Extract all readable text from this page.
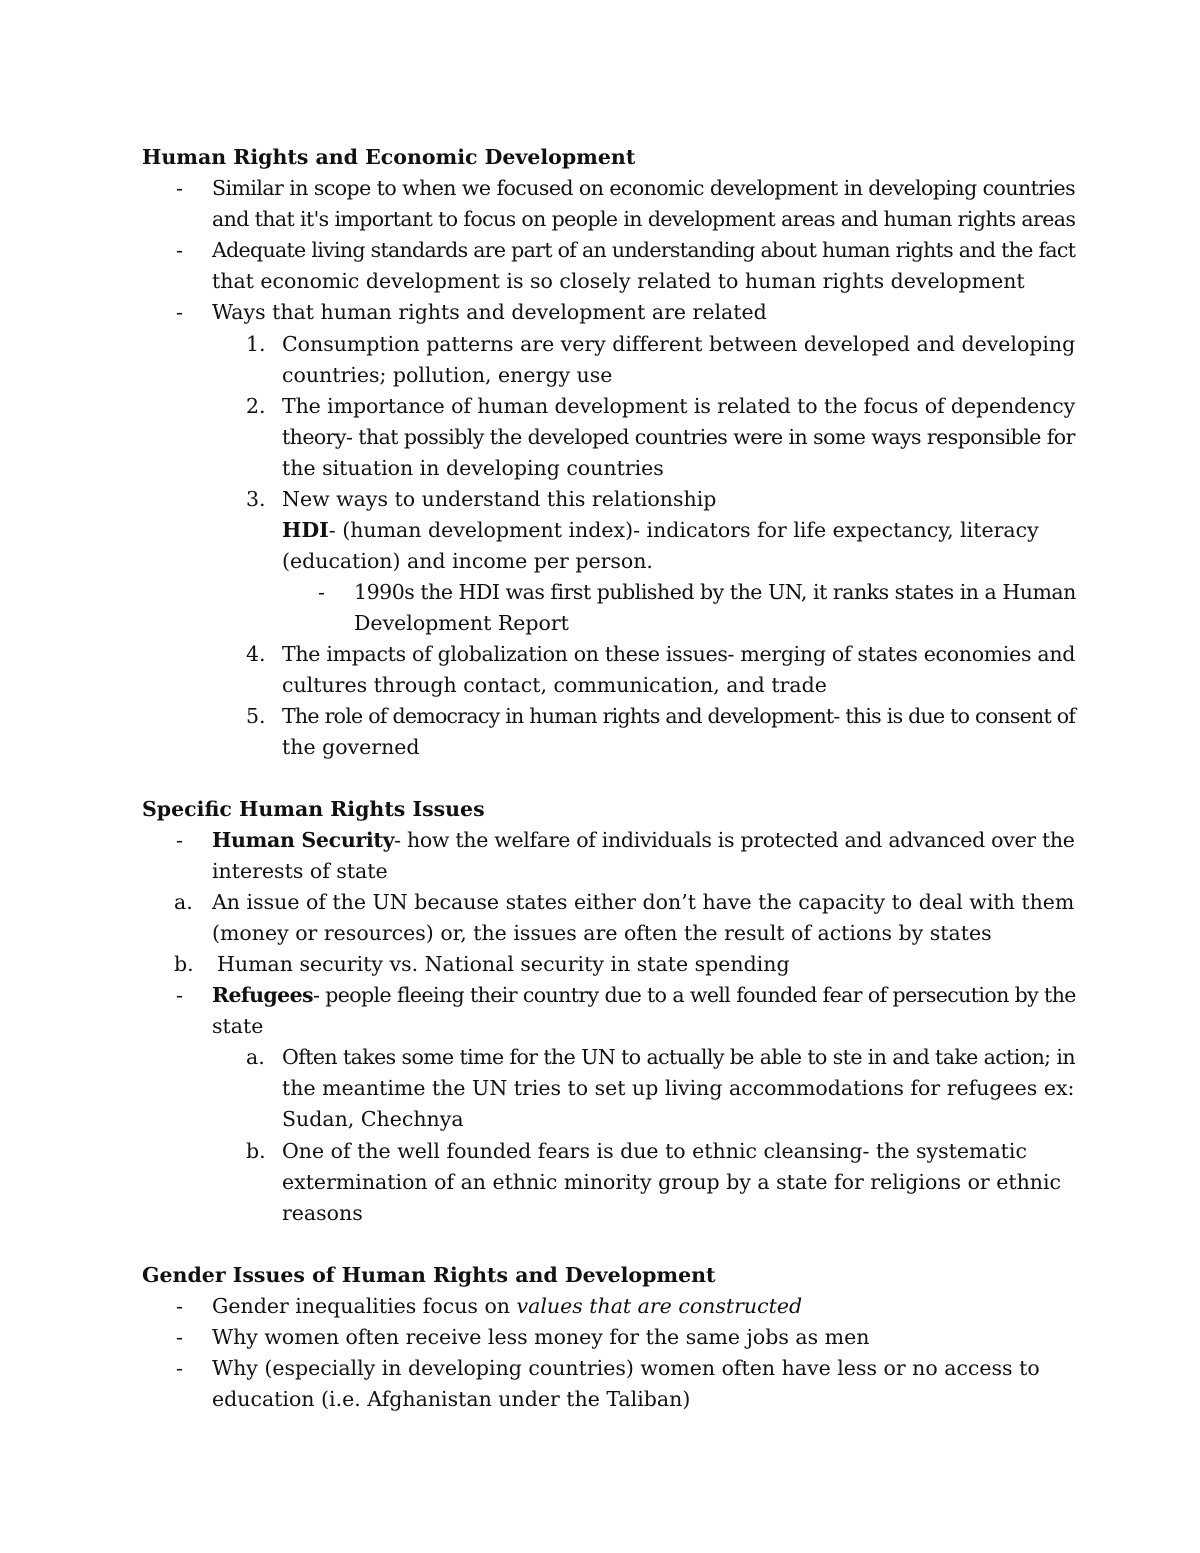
Human Rights and Economic Development
- Similar in scope to when we focused on economic development in developing countries
and that it's important to focus on people in development areas and human rights areas
- Adequate living standards are part of an understanding about human rights and the fact
that economic development is so closely related to human rights development
- Ways that human rights and development are related
1. Consumption patterns are very different between developed and developing
countries; pollution, energy use
2. The importance of human development is related to the focus of dependency
theory- that possibly the developed countries were in some ways responsible for
the situation in developing countries
3. New ways to understand this relationship
HDI- (human development index)- indicators for life expectancy, literacy
(education) and income per person.
- 1990s the HDI was first published by the UN, it ranks states in a Human
Development Report
4. The impacts of globalization on these issues- merging of states economies and
cultures through contact, communication, and trade
5. The role of democracy in human rights and development- this is due to consent of
the governed
Specific Human Rights Issues
- Human Security- how the welfare of individuals is protected and advanced over the
interests of state
a. An issue of the UN because states either don’t have the capacity to deal with them
(money or resources) or, the issues are often the result of actions by states
b. Human security vs. National security in state spending
- Refugees- people fleeing their country due to a well founded fear of persecution by the
state
a. Often takes some time for the UN to actually be able to ste in and take action; in
the meantime the UN tries to set up living accommodations for refugees ex:
Sudan, Chechnya
b. One of the well founded fears is due to ethnic cleansing- the systematic
extermination of an ethnic minority group by a state for religions or ethnic
reasons
Gender Issues of Human Rights and Development
- Gender inequalities focus on values that are constructed
- Why women often receive less money for the same jobs as men
- Why (especially in developing countries) women often have less or no access to
education (i.e. Afghanistan under the Taliban)
